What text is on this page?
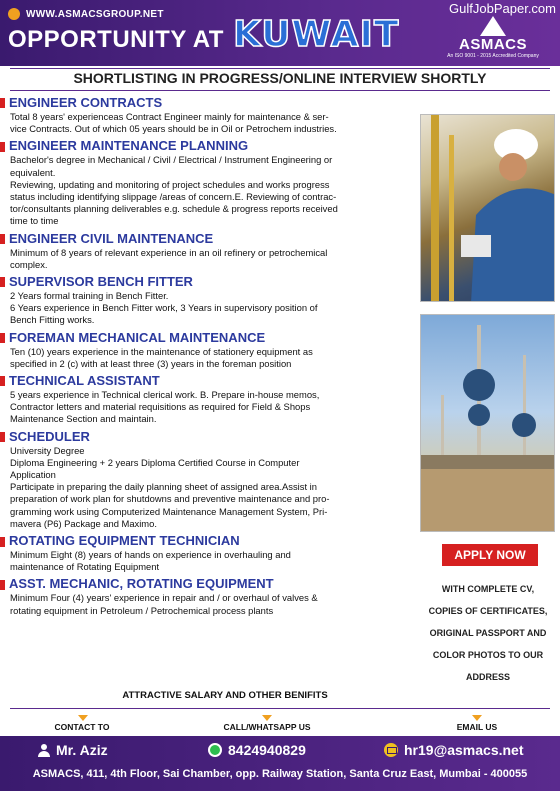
WWW.ASMACSGROUP.NET
OPPORTUNITY AT KUWAIT
GulfJobPaper.com
ASMACS
An ISO 9001 - 2015 Accredited Company
SHORTLISTING IN PROGRESS/ONLINE INTERVIEW SHORTLY
ENGINEER CONTRACTS
Total 8 years' experienceas Contract Engineer mainly for maintenance & ser-
vice Contracts. Out of which 05 years should be in Oil or Petrochem industries.
ENGINEER MAINTENANCE PLANNING
Bachelor's degree in Mechanical / Civil / Electrical / Instrument Engineering or
equivalent.
Reviewing, updating and monitoring of project schedules and works progress
status including identifying slippage /areas of concern.E. Reviewing of contrac-
tor/consultants planning deliverables e.g. schedule & progress reports received
time to time
ENGINEER CIVIL MAINTENANCE
Minimum of 8 years of relevant experience in an oil refinery or petrochemical
complex.
SUPERVISOR BENCH FITTER
2 Years formal training in Bench Fitter.
6 Years experience in Bench Fitter work, 3 Years in supervisory position of
Bench Fitting works.
FOREMAN MECHANICAL MAINTENANCE
Ten (10) years experience in the maintenance of stationery equipment as
specified in 2 (c) with at least three (3) years in the foreman position
TECHNICAL ASSISTANT
5 years experience in Technical clerical work. B. Prepare in-house memos,
Contractor letters and material requisitions as required for Field & Shops
Maintenance Section and maintain.
SCHEDULER
University Degree
Diploma Engineering + 2 years Diploma Certified Course in Computer
Application
Participate in preparing the daily planning sheet of assigned area.Assist in
preparation of work plan for shutdowns and preventive maintenance and pro-
gramming work using Computerized Maintenance Management System, Pri-
mavera (P6) Package and Maximo.
ROTATING EQUIPMENT TECHNICIAN
Minimum Eight (8) years of hands on experience in overhauling and
maintenance of Rotating Equipment
ASST. MECHANIC, ROTATING EQUIPMENT
Minimum Four (4) years' experience in repair and / or overhaul of valves &
rotating equipment in Petroleum / Petrochemical process plants
APPLY NOW
WITH COMPLETE CV,
COPIES OF CERTIFICATES,
ORIGINAL PASSPORT AND
COLOR PHOTOS TO OUR
ADDRESS
ATTRACTIVE SALARY AND OTHER BENIFITS
CONTACT TO	CALL/WHATSAPP US	EMAIL US
Mr. Aziz	8424940829	hr19@asmacs.net
ASMACS, 411, 4th Floor, Sai Chamber, opp. Railway Station, Santa Cruz East, Mumbai - 400055
